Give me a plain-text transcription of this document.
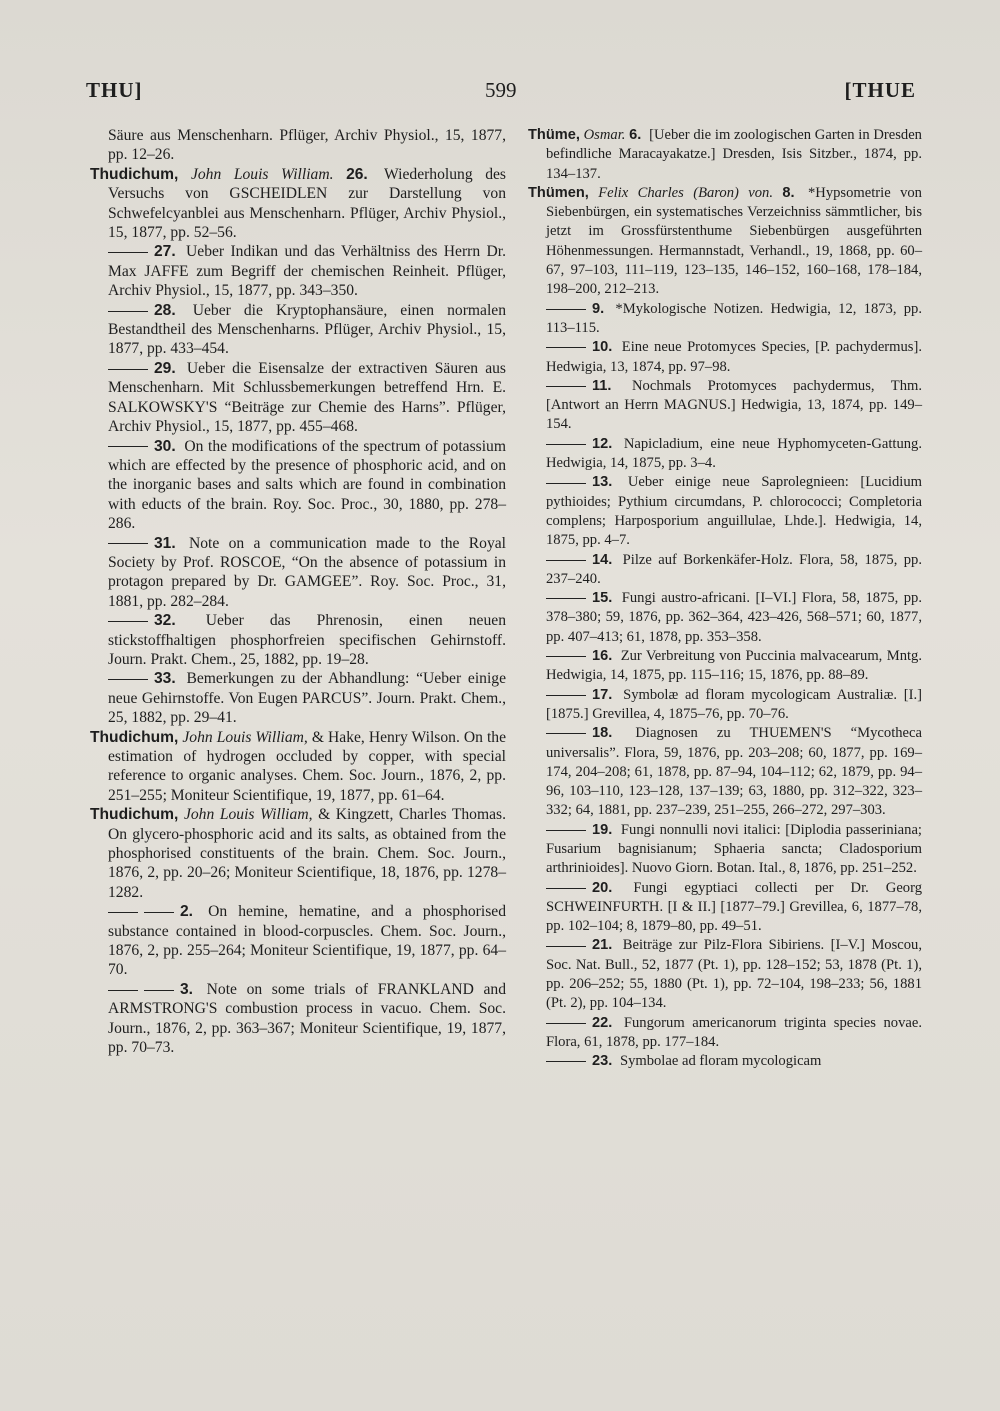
THU]	599	[THUE

Säure aus Menschenharn. Pflüger, Archiv Physiol., 15, 1877, pp. 12–26.

Thudichum, John Louis William. 26. Wiederholung des Versuchs von GSCHEIDLEN zur Darstellung von Schwefelcyanblei aus Menschenharn. Pflüger, Archiv Physiol., 15, 1877, pp. 52–56.

27. Ueber Indikan und das Verhältniss des Herrn Dr. Max JAFFE zum Begriff der chemischen Reinheit. Pflüger, Archiv Physiol., 15, 1877, pp. 343–350.

28. Ueber die Kryptophansäure, einen normalen Bestandtheil des Menschenharns. Pflüger, Archiv Physiol., 15, 1877, pp. 433–454.

29. Ueber die Eisensalze der extractiven Säuren aus Menschenharn. Mit Schlussbemerkungen betreffend Hrn. E. SALKOWSKY'S “Beiträge zur Chemie des Harns”. Pflüger, Archiv Physiol., 15, 1877, pp. 455–468.

30. On the modifications of the spectrum of potassium which are effected by the presence of phosphoric acid, and on the inorganic bases and salts which are found in combination with educts of the brain. Roy. Soc. Proc., 30, 1880, pp. 278–286.

31. Note on a communication made to the Royal Society by Prof. ROSCOE, “On the absence of potassium in protagon prepared by Dr. GAMGEE”. Roy. Soc. Proc., 31, 1881, pp. 282–284.

32. Ueber das Phrenosin, einen neuen stickstoffhaltigen phosphorfreien specifischen Gehirnstoff. Journ. Prakt. Chem., 25, 1882, pp. 19–28.

33. Bemerkungen zu der Abhandlung: “Ueber einige neue Gehirnstoffe. Von Eugen PARCUS”. Journ. Prakt. Chem., 25, 1882, pp. 29–41.

Thudichum, John Louis William, & Hake, Henry Wilson. On the estimation of hydrogen occluded by copper, with special reference to organic analyses. Chem. Soc. Journ., 1876, 2, pp. 251–255; Moniteur Scientifique, 19, 1877, pp. 61–64.

Thudichum, John Louis William, & Kingzett, Charles Thomas. On glycero-phosphoric acid and its salts, as obtained from the phosphorised constituents of the brain. Chem. Soc. Journ., 1876, 2, pp. 20–26; Moniteur Scientifique, 18, 1876, pp. 1278–1282.

2. On hemine, hematine, and a phosphorised substance contained in blood-corpuscles. Chem. Soc. Journ., 1876, 2, pp. 255–264; Moniteur Scientifique, 19, 1877, pp. 64–70.

3. Note on some trials of FRANKLAND and ARMSTRONG'S combustion process in vacuo. Chem. Soc. Journ., 1876, 2, pp. 363–367; Moniteur Scientifique, 19, 1877, pp. 70–73.

Thüme, Osmar. 6. [Ueber die im zoologischen Garten in Dresden befindliche Maracayakatze.] Dresden, Isis Sitzber., 1874, pp. 134–137.

Thümen, Felix Charles (Baron) von. 8. *Hypsometrie von Siebenbürgen, ein systematisches Verzeichniss sämmtlicher, bis jetzt im Grossfürstenthume Siebenbürgen ausgeführten Höhenmessungen. Hermannstadt, Verhandl., 19, 1868, pp. 60–67, 97–103, 111–119, 123–135, 146–152, 160–168, 178–184, 198–200, 212–213.

9. *Mykologische Notizen. Hedwigia, 12, 1873, pp. 113–115.

10. Eine neue Protomyces Species, [P. pachydermus]. Hedwigia, 13, 1874, pp. 97–98.

11. Nochmals Protomyces pachydermus, Thm. [Antwort an Herrn MAGNUS.] Hedwigia, 13, 1874, pp. 149–154.

12. Napicladium, eine neue Hyphomyceten-Gattung. Hedwigia, 14, 1875, pp. 3–4.

13. Ueber einige neue Saprolegnieen: [Lucidium pythioides; Pythium circumdans, P. chlorococci; Completoria complens; Harposporium anguillulae, Lhde.]. Hedwigia, 14, 1875, pp. 4–7.

14. Pilze auf Borkenkäfer-Holz. Flora, 58, 1875, pp. 237–240.

15. Fungi austro-africani. [I–VI.] Flora, 58, 1875, pp. 378–380; 59, 1876, pp. 362–364, 423–426, 568–571; 60, 1877, pp. 407–413; 61, 1878, pp. 353–358.

16. Zur Verbreitung von Puccinia malvacearum, Mntg. Hedwigia, 14, 1875, pp. 115–116; 15, 1876, pp. 88–89.

17. Symbolæ ad floram mycologicam Australiæ. [I.] [1875.] Grevillea, 4, 1875–76, pp. 70–76.

18. Diagnosen zu THUEMEN'S “Mycotheca universalis”. Flora, 59, 1876, pp. 203–208; 60, 1877, pp. 169–174, 204–208; 61, 1878, pp. 87–94, 104–112; 62, 1879, pp. 94–96, 103–110, 123–128, 137–139; 63, 1880, pp. 312–322, 323–332; 64, 1881, pp. 237–239, 251–255, 266–272, 297–303.

19. Fungi nonnulli novi italici: [Diplodia passeriniana; Fusarium bagnisianum; Sphaeria sancta; Cladosporium arthrinioides]. Nuovo Giorn. Botan. Ital., 8, 1876, pp. 251–252.

20. Fungi egyptiaci collecti per Dr. Georg SCHWEINFURTH. [I & II.] [1877–79.] Grevillea, 6, 1877–78, pp. 102–104; 8, 1879–80, pp. 49–51.

21. Beiträge zur Pilz-Flora Sibiriens. [I–V.] Moscou, Soc. Nat. Bull., 52, 1877 (Pt. 1), pp. 128–152; 53, 1878 (Pt. 1), pp. 206–252; 55, 1880 (Pt. 1), pp. 72–104, 198–233; 56, 1881 (Pt. 2), pp. 104–134.

22. Fungorum americanorum triginta species novae. Flora, 61, 1878, pp. 177–184.

23. Symbolae ad floram mycologicam
